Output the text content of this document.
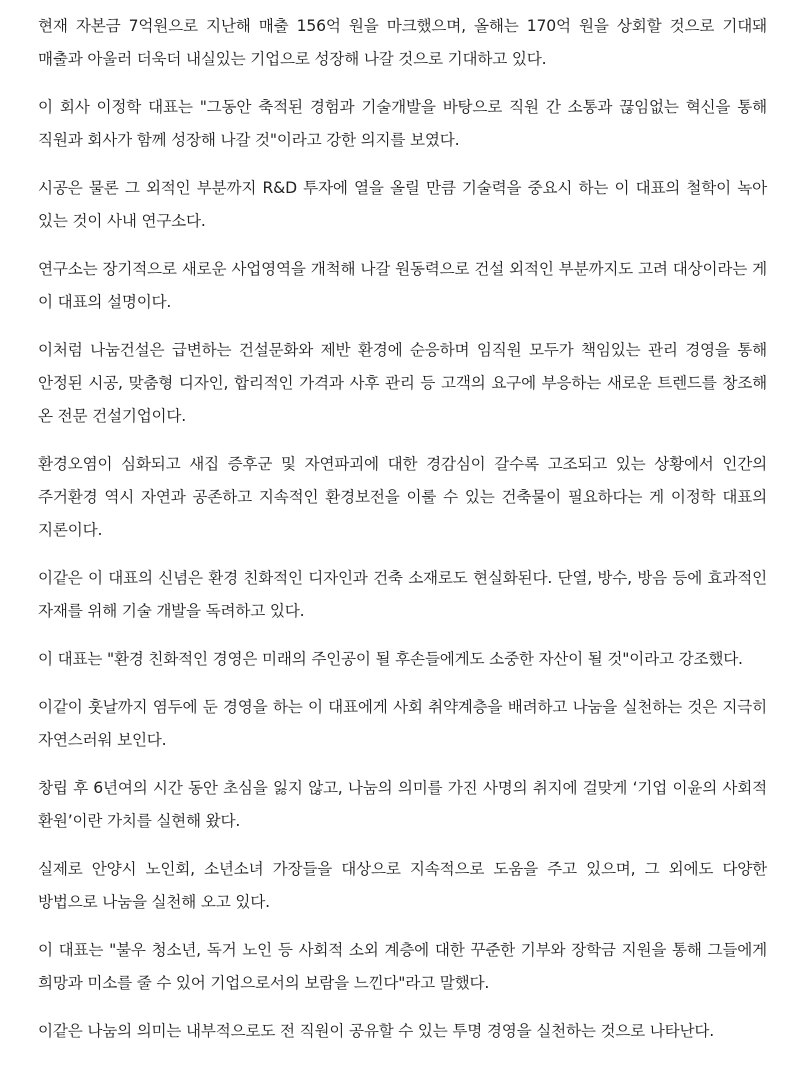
현재 자본금 7억원으로 지난해 매출 156억 원을 마크했으며, 올해는 170억 원을 상회할 것으로 기대돼 매출과 아울러 더욱더 내실있는 기업으로 성장해 나갈 것으로 기대하고 있다.

이 회사 이정학 대표는 "그동안 축적된 경험과 기술개발을 바탕으로 직원 간 소통과 끊임없는 혁신을 통해 직원과 회사가 함께 성장해 나갈 것"이라고 강한 의지를 보였다.

시공은 물론 그 외적인 부분까지 R&D 투자에 열을 올릴 만큼 기술력을 중요시 하는 이 대표의 철학이 녹아 있는 것이 사내 연구소다.

연구소는 장기적으로 새로운 사업영역을 개척해 나갈 원동력으로 건설 외적인 부분까지도 고려 대상이라는 게 이 대표의 설명이다.

이처럼 나눔건설은 급변하는 건설문화와 제반 환경에 순응하며 임직원 모두가 책임있는 관리 경영을 통해 안정된 시공, 맞춤형 디자인, 합리적인 가격과 사후 관리 등 고객의 요구에 부응하는 새로운 트렌드를 창조해 온 전문 건설기업이다.

환경오염이 심화되고 새집 증후군 및 자연파괴에 대한 경감심이 갈수록 고조되고 있는 상황에서 인간의 주거환경 역시 자연과 공존하고 지속적인 환경보전을 이룰 수 있는 건축물이 필요하다는 게 이정학 대표의 지론이다.

이같은 이 대표의 신념은 환경 친화적인 디자인과 건축 소재로도 현실화된다. 단열, 방수, 방음 등에 효과적인 자재를 위해 기술 개발을 독려하고 있다.

이 대표는 "환경 친화적인 경영은 미래의 주인공이 될 후손들에게도 소중한 자산이 될 것"이라고 강조했다.

이같이 훗날까지 염두에 둔 경영을 하는 이 대표에게 사회 취약계층을 배려하고 나눔을 실천하는 것은 지극히 자연스러워 보인다.

창립 후 6년여의 시간 동안 초심을 잃지 않고, 나눔의 의미를 가진 사명의 취지에 걸맞게 ‘기업 이윤의 사회적 환원’이란 가치를 실현해 왔다.

실제로 안양시 노인회, 소년소녀 가장들을 대상으로 지속적으로 도움을 주고 있으며, 그 외에도 다양한 방법으로 나눔을 실천해 오고 있다.

이 대표는 "불우 청소년, 독거 노인 등 사회적 소외 계층에 대한 꾸준한 기부와 장학금 지원을 통해 그들에게 희망과 미소를 줄 수 있어 기업으로서의 보람을 느낀다"라고 말했다.

이같은 나눔의 의미는 내부적으로도 전 직원이 공유할 수 있는 투명 경영을 실천하는 것으로 나타난다.
